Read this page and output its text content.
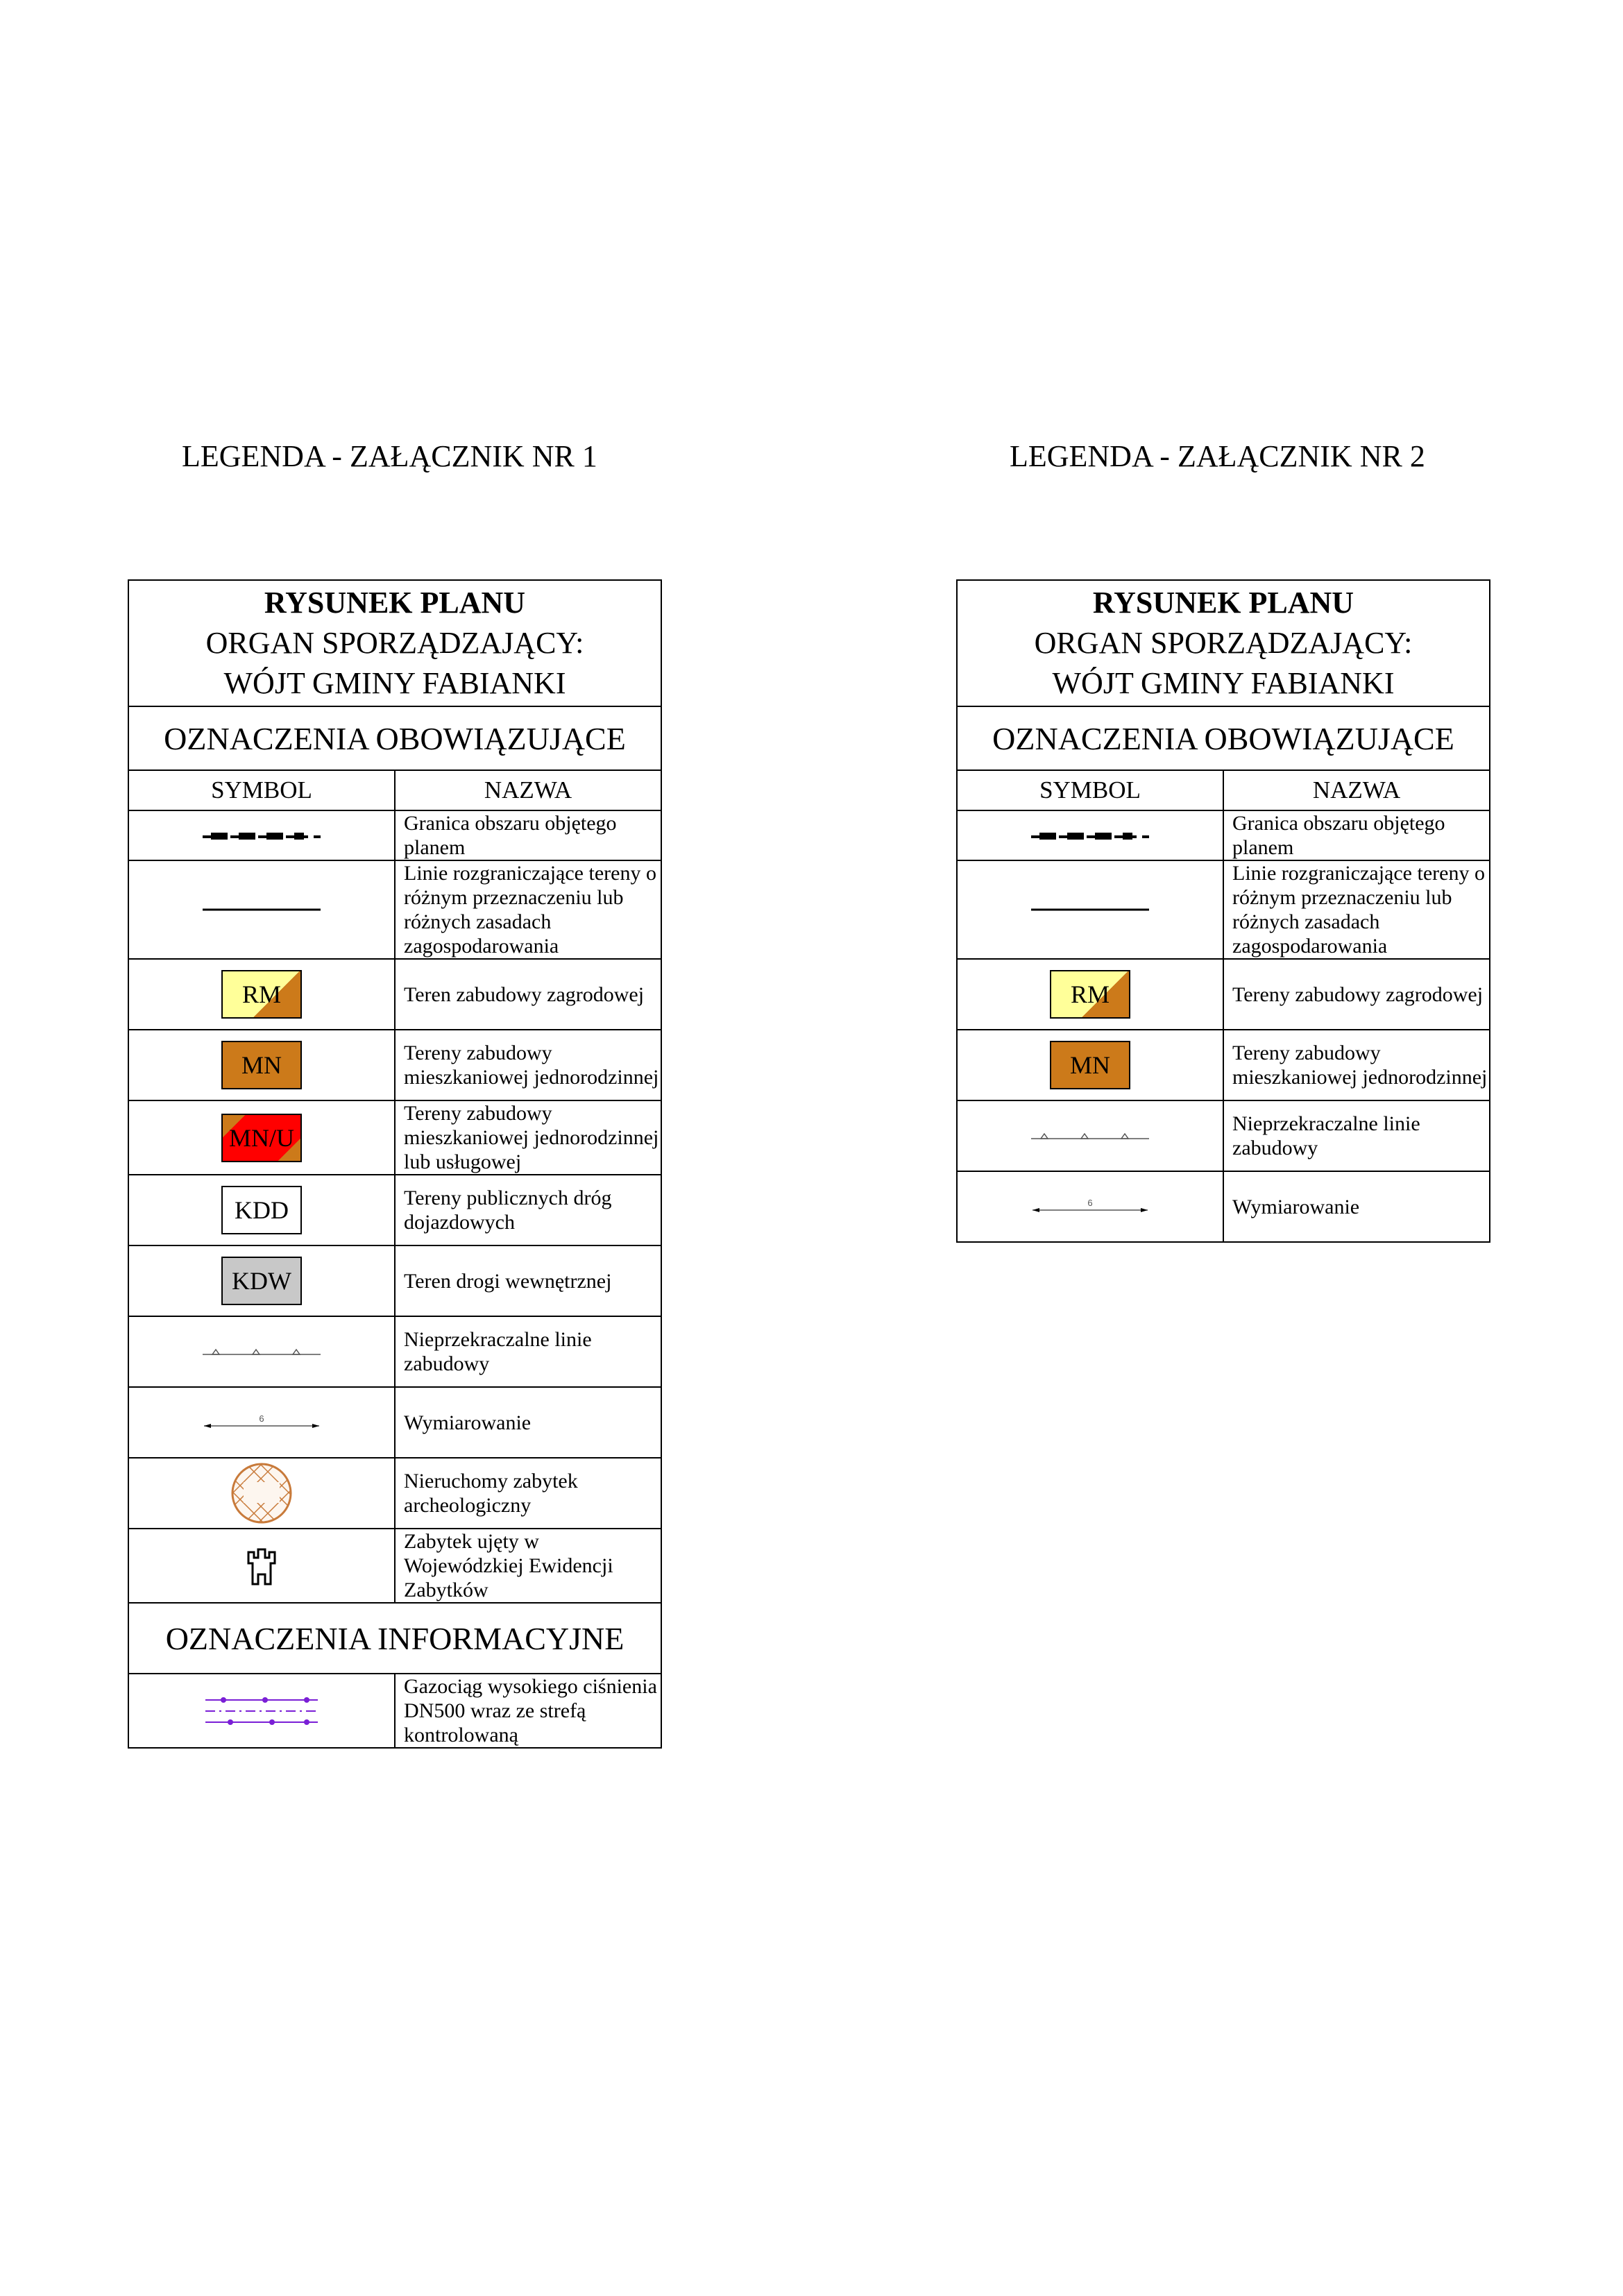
LEGENDA - ZAŁĄCZNIK NR 1
RYSUNEK PLANU
ORGAN SPORZĄDZAJĄCY:
WÓJT GMINY FABIANKI	

OZNACZENIA OBOWIĄZUJĄCE	
SYMBOL	NAZWA
	Granica obszaru objętego planem
	Linie rozgraniczające tereny o różnym przeznaczeniu lub różnych zasadach zagospodarowania
RM	Teren zabudowy zagrodowej
MN	Tereny zabudowy mieszkaniowej jednorodzinnej
MN/U	Tereny zabudowy mieszkaniowej jednorodzinnej lub usługowej
KDD	Tereny publicznych dróg dojazdowych
KDW	Teren drogi wewnętrznej
	Nieprzekraczalne linie zabudowy

6	Wymiarowanie
	Nieruchomy zabytek archeologiczny
	Zabytek ujęty w Wojewódzkiej Ewidencji Zabytków
OZNACZENIA INFORMACYJNE	
	Gazociąg wysokiego ciśnienia DN500 wraz ze strefą kontrolowaną
LEGENDA - ZAŁĄCZNIK NR 2
RYSUNEK PLANU
ORGAN SPORZĄDZAJĄCY:
WÓJT GMINY FABIANKI	

OZNACZENIA OBOWIĄZUJĄCE	
SYMBOL	NAZWA
	Granica obszaru objętego planem
	Linie rozgraniczające tereny o różnym przeznaczeniu lub różnych zasadach zagospodarowania
RM	Tereny zabudowy zagrodowej
MN	Tereny zabudowy mieszkaniowej jednorodzinnej
	Nieprzekraczalne linie zabudowy

6	Wymiarowanie
